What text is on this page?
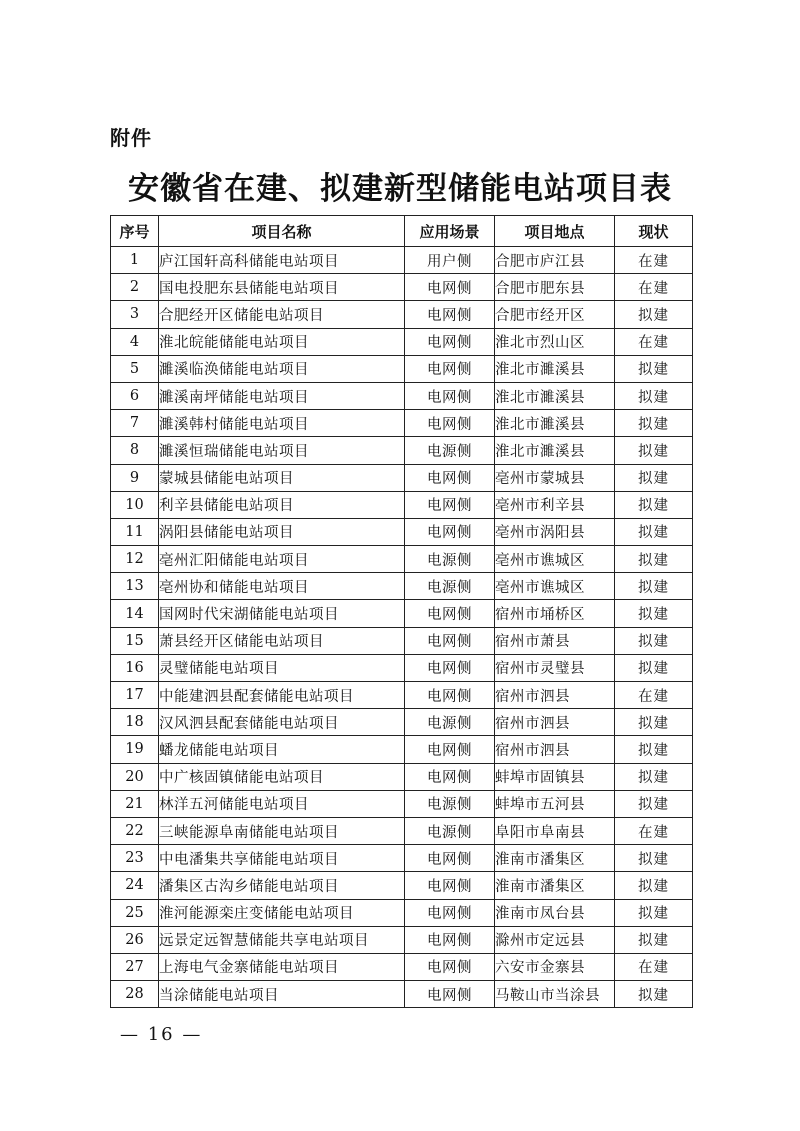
附件
安徽省在建、拟建新型储能电站项目表
序号	项目名称	应用场景	项目地点	现状
1	庐江国轩高科储能电站项目	用户侧	合肥市庐江县	在建
2	国电投肥东县储能电站项目	电网侧	合肥市肥东县	在建
3	合肥经开区储能电站项目	电网侧	合肥市经开区	拟建
4	淮北皖能储能电站项目	电网侧	淮北市烈山区	在建
5	濉溪临涣储能电站项目	电网侧	淮北市濉溪县	拟建
6	濉溪南坪储能电站项目	电网侧	淮北市濉溪县	拟建
7	濉溪韩村储能电站项目	电网侧	淮北市濉溪县	拟建
8	濉溪恒瑞储能电站项目	电源侧	淮北市濉溪县	拟建
9	蒙城县储能电站项目	电网侧	亳州市蒙城县	拟建
10	利辛县储能电站项目	电网侧	亳州市利辛县	拟建
11	涡阳县储能电站项目	电网侧	亳州市涡阳县	拟建
12	亳州汇阳储能电站项目	电源侧	亳州市谯城区	拟建
13	亳州协和储能电站项目	电源侧	亳州市谯城区	拟建
14	国网时代宋湖储能电站项目	电网侧	宿州市埇桥区	拟建
15	萧县经开区储能电站项目	电网侧	宿州市萧县	拟建
16	灵璧储能电站项目	电网侧	宿州市灵璧县	拟建
17	中能建泗县配套储能电站项目	电网侧	宿州市泗县	在建
18	汉风泗县配套储能电站项目	电源侧	宿州市泗县	拟建
19	蟠龙储能电站项目	电网侧	宿州市泗县	拟建
20	中广核固镇储能电站项目	电网侧	蚌埠市固镇县	拟建
21	林洋五河储能电站项目	电源侧	蚌埠市五河县	拟建
22	三峡能源阜南储能电站项目	电源侧	阜阳市阜南县	在建
23	中电潘集共享储能电站项目	电网侧	淮南市潘集区	拟建
24	潘集区古沟乡储能电站项目	电网侧	淮南市潘集区	拟建
25	淮河能源栾庄变储能电站项目	电网侧	淮南市凤台县	拟建
26	远景定远智慧储能共享电站项目	电网侧	滁州市定远县	拟建
27	上海电气金寨储能电站项目	电网侧	六安市金寨县	在建
28	当涂储能电站项目	电网侧	马鞍山市当涂县	拟建
— 16 —
